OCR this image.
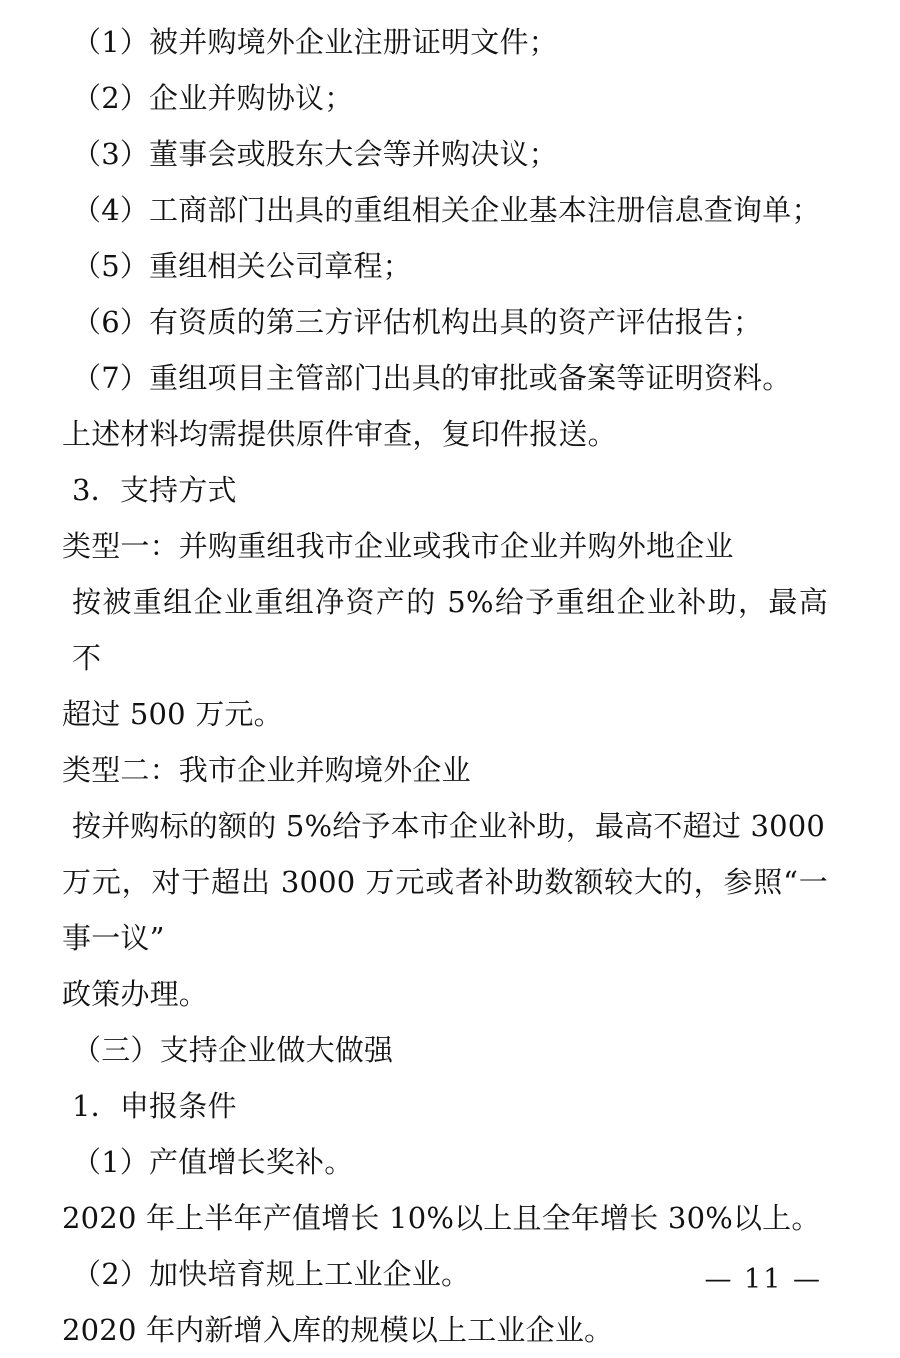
（1）被并购境外企业注册证明文件；

（2）企业并购协议；

（3）董事会或股东大会等并购决议；

（4）工商部门出具的重组相关企业基本注册信息查询单；

（5）重组相关公司章程；

（6）有资质的第三方评估机构出具的资产评估报告；

（7）重组项目主管部门出具的审批或备案等证明资料。

上述材料均需提供原件审查，复印件报送。

3．支持方式

类型一：并购重组我市企业或我市企业并购外地企业

按被重组企业重组净资产的 5%给予重组企业补助，最高不

超过 500 万元。

类型二：我市企业并购境外企业

按并购标的额的 5%给予本市企业补助，最高不超过 3000

万元，对于超出 3000 万元或者补助数额较大的，参照“一事一议”

政策办理。

（三）支持企业做大做强

1．申报条件

（1）产值增长奖补。

2020 年上半年产值增长 10%以上且全年增长 30%以上。

（2）加快培育规上工业企业。

2020 年内新增入库的规模以上工业企业。

— 11 —
